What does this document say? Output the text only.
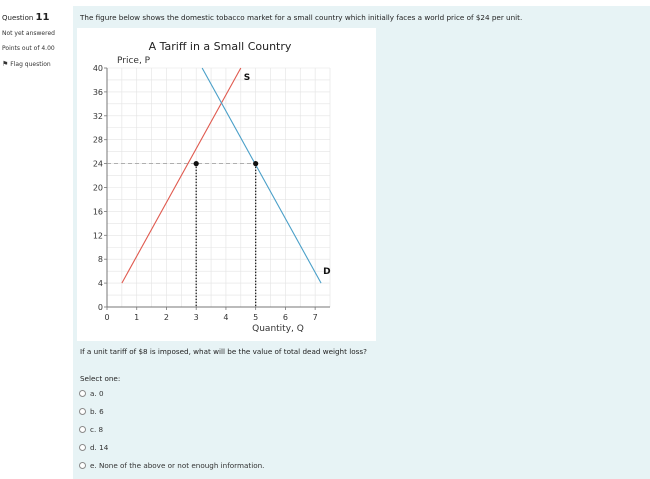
Question 11
Not yet answered
Points out of 4.00
⚑ Flag question
The figure below shows the domestic tobacco market for a small country which initially faces a world price of $24 per unit.
A Tariff in a Small Country
Price, P
Quantity, Q
0
4
8
12
16
20
24
28
32
36
40
0	1	2	3	4	5	6	7
S
D
If a unit tariff of $8 is imposed, what will be the value of total dead weight loss?
Select one:
a. 0
b. 6
c. 8
d. 14
e. None of the above or not enough information.
